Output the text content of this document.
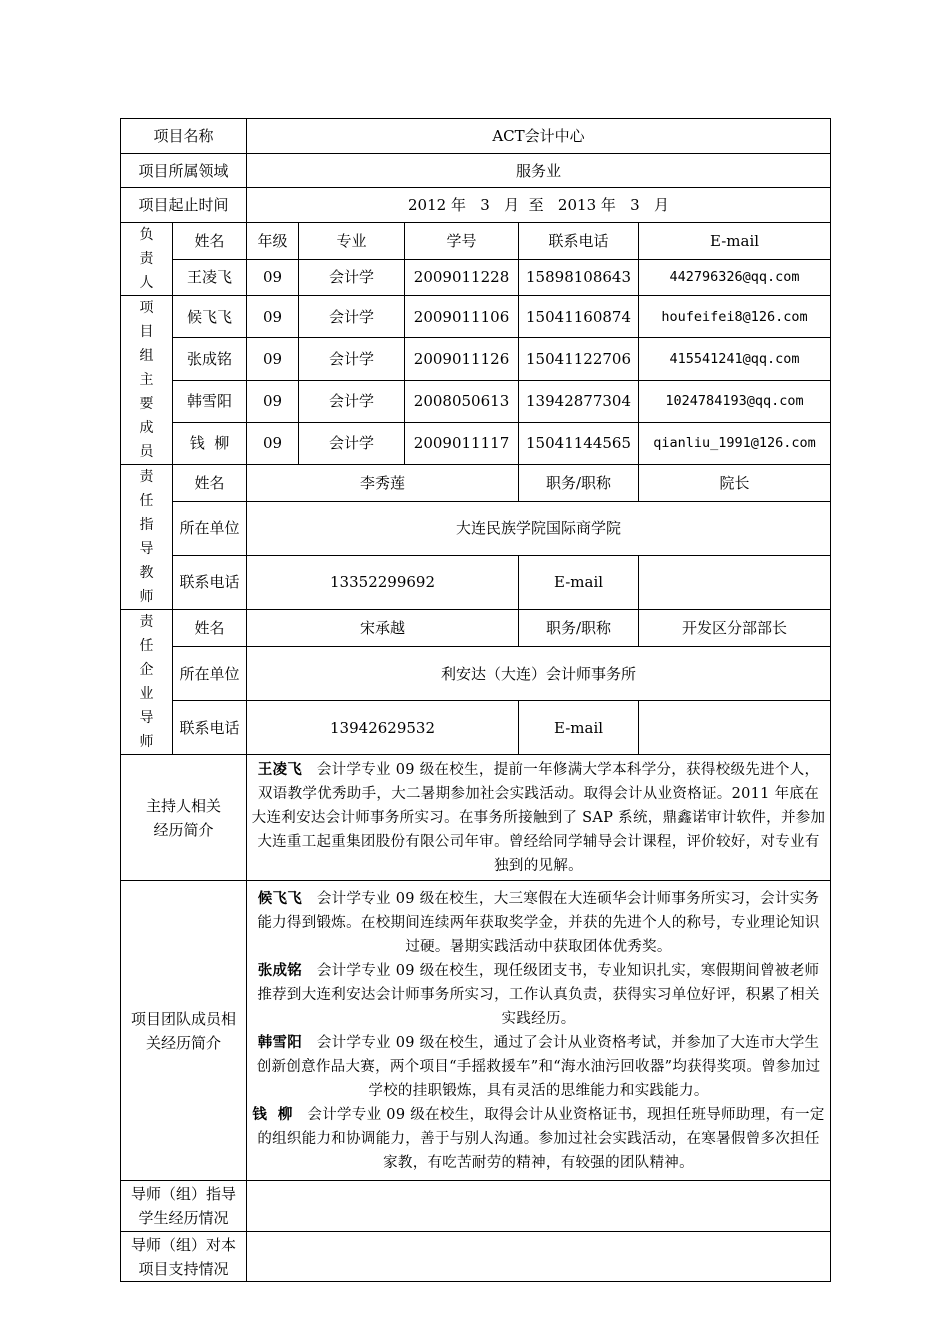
项目名称		ACT会计中心				
项目所属领域		服务业				
项目起止时间		2012 年   3   月  至   2013 年   3   月				

负责人	姓名	年级	专业	学号	联系电话	E-mail
	王凌飞	09	会计学	2009011228	15898108643	442796326@qq.com

项目组主要成员	候飞飞	09	会计学	2009011106	15041160874	houfeifei8@126.com
	张成铭	09	会计学	2009011126	15041122706	415541241@qq.com
	韩雪阳	09	会计学	2008050613	13942877304	1024784193@qq.com
	钱  柳	09	会计学	2009011117	15041144565	qianliu_1991@126.com

责任指导教师	姓名	李秀莲			职务/职称	院长
	所在单位	大连民族学院国际商学院				
	联系电话	13352299692			E-mail	

责任企业导师	姓名	宋承越			职务/职称	开发区分部部长
	所在单位	利安达（大连）会计师事务所				
	联系电话	13942629532			E-mail	
主持人相关经历简介		王凌飞 会计学专业 09 级在校生，提前一年修满大学本科学分，获得校级先进个人，双语教学优秀助手，大二暑期参加社会实践活动。取得会计从业资格证。2011 年底在大连利安达会计师事务所实习。在事务所接触到了 SAP 系统，鼎鑫诺审计软件，并参加大连重工起重集团股份有限公司年审。曾经给同学辅导会计课程，评价较好，对专业有独到的见解。				

项目团队成员相关经历简介		候飞飞 会计学专业 09 级在校生，大三寒假在大连硕华会计师事务所实习，会计实务能力得到锻炼。在校期间连续两年获取奖学金，并获的先进个人的称号，专业理论知识过硬。暑期实践活动中获取团体优秀奖。

张成铭 会计学专业 09 级在校生，现任级团支书，专业知识扎实，寒假期间曾被老师推荐到大连利安达会计师事务所实习，工作认真负责，获得实习单位好评，积累了相关实践经历。

韩雪阳 会计学专业 09 级在校生，通过了会计从业资格考试，并参加了大连市大学生创新创意作品大赛，两个项目“手摇救援车”和“海水油污回收器”均获得奖项。曾参加过学校的挂职锻炼，具有灵活的思维能力和实践能力。

钱  柳 会计学专业 09 级在校生，取得会计从业资格证书，现担任班导师助理，有一定的组织能力和协调能力，善于与别人沟通。参加过社会实践活动，在寒暑假曾多次担任家教，有吃苦耐劳的精神，有较强的团队精神。				

导师（组）指导学生经历情况						
导师（组）对本项目支持情况						
